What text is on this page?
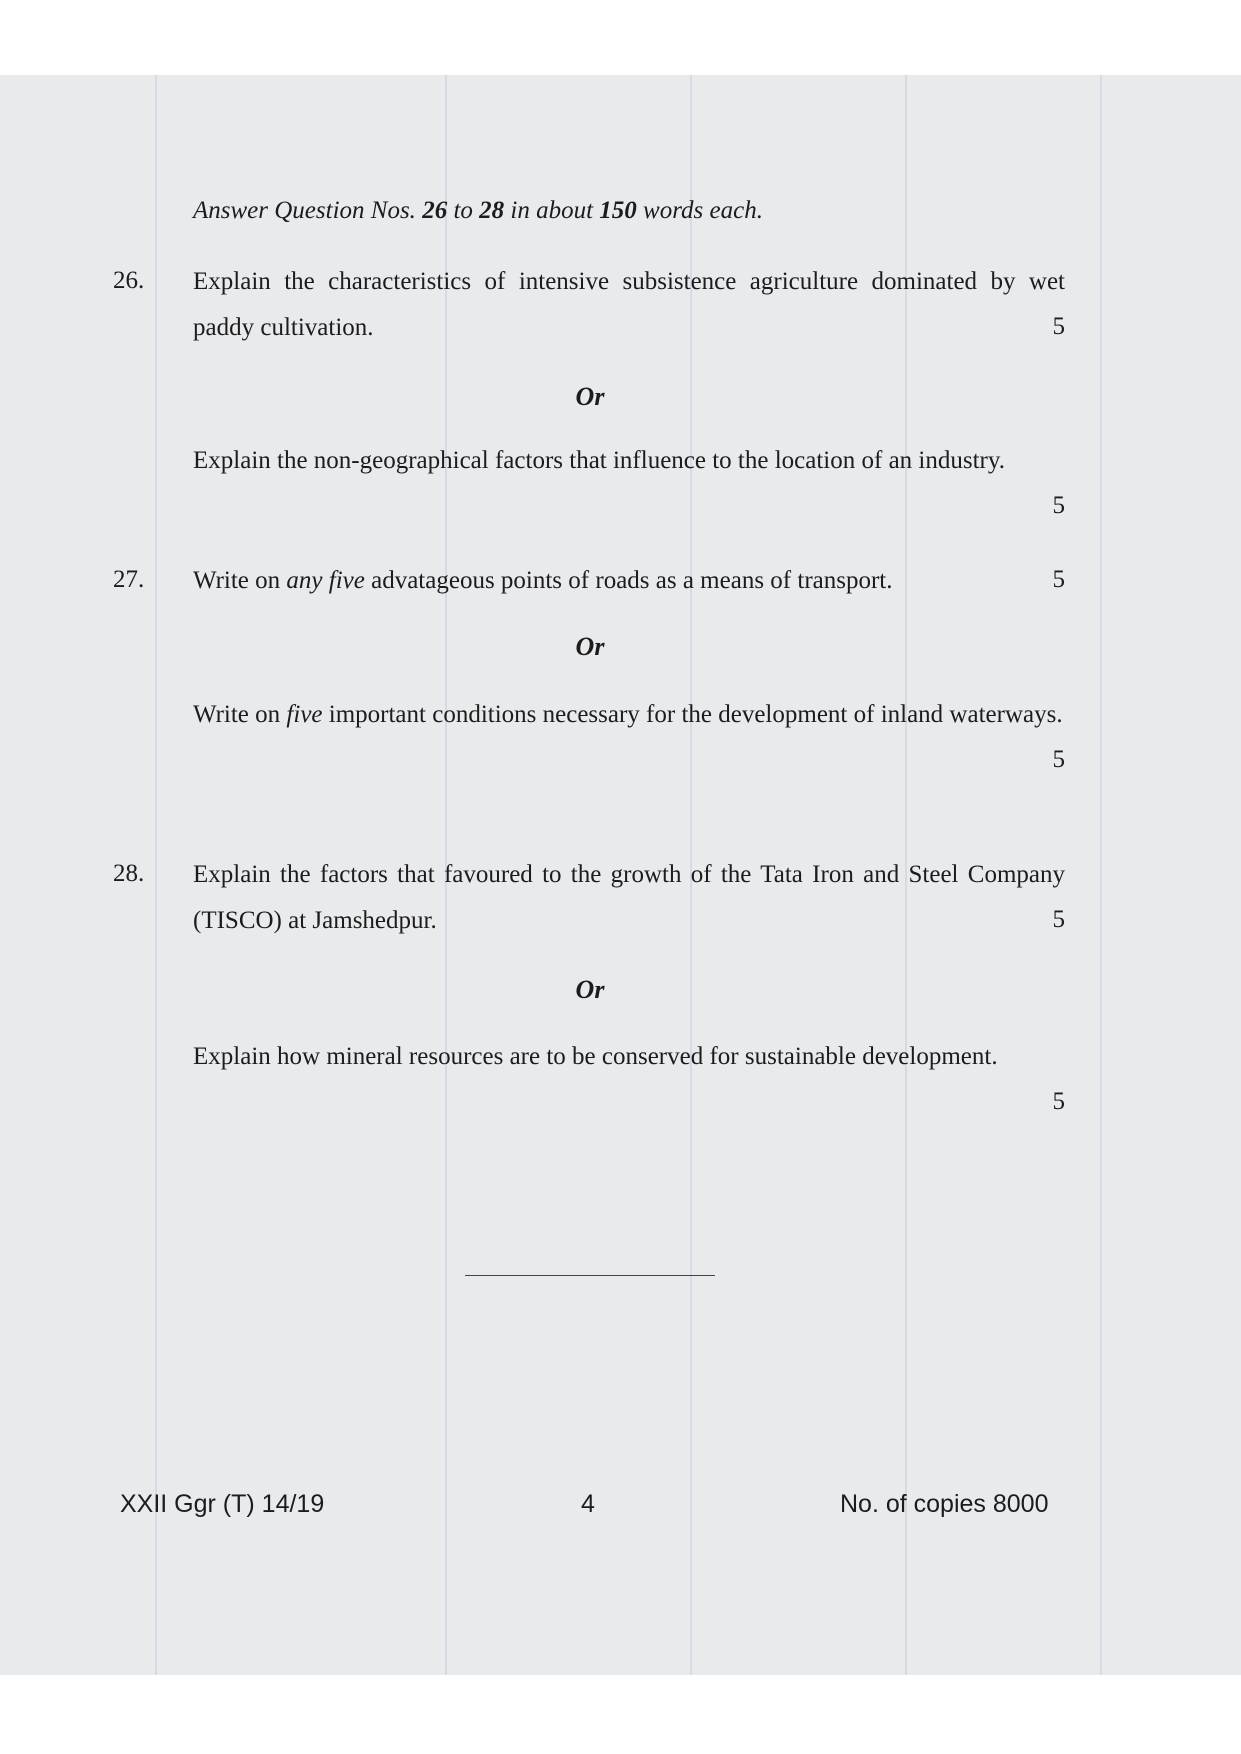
Answer Question Nos. 26 to 28 in about 150 words each.
26. Explain the characteristics of intensive subsistence agriculture dominated by wet paddy cultivation.	5
Or
Explain the non-geographical factors that influence to the location of an industry.
5
27. Write on any five advatageous points of roads as a means of transport.	5
Or
Write on five important conditions necessary for the development of inland waterways.
5
28. Explain the factors that favoured to the growth of the Tata Iron and Steel Company (TISCO) at Jamshedpur.	5
Or
Explain how mineral resources are to be conserved for sustainable development.
5
XXII Ggr (T) 14/19	4	No. of copies 8000
